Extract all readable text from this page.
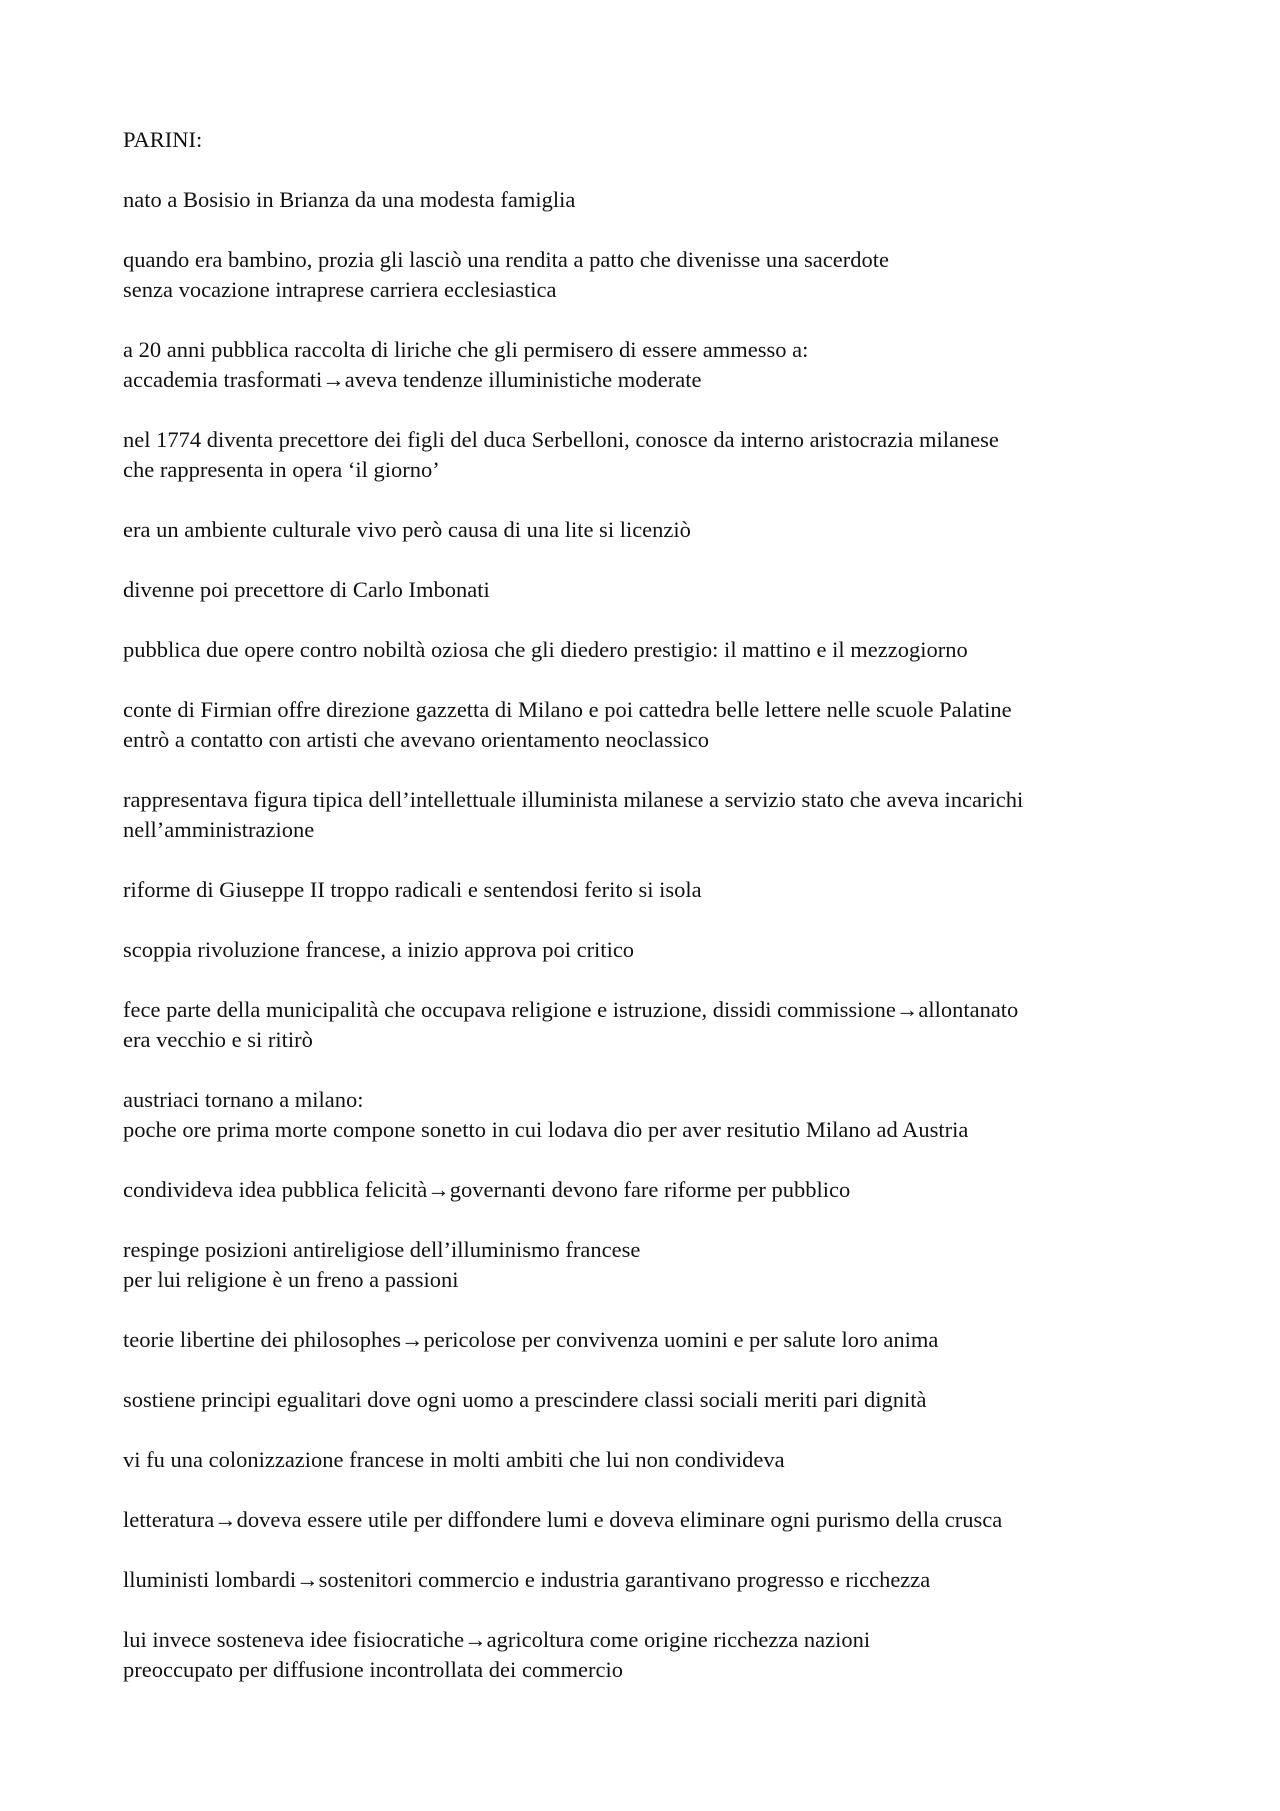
PARINI:
nato a Bosisio in Brianza da una modesta famiglia
quando era bambino, prozia gli lasciò una rendita a patto che divenisse una sacerdote
senza vocazione intraprese carriera ecclesiastica
a 20 anni pubblica raccolta di liriche che gli permisero di essere ammesso a:
accademia trasformati→aveva tendenze illuministiche moderate
nel 1774 diventa precettore dei figli del duca Serbelloni, conosce da interno aristocrazia milanese
che rappresenta in opera ‘il giorno’
era un ambiente culturale vivo però causa di una lite si licenziò
divenne poi precettore di Carlo Imbonati
pubblica due opere contro nobiltà oziosa che gli diedero prestigio: il mattino e il mezzogiorno
conte di Firmian offre direzione gazzetta di Milano e poi cattedra belle lettere nelle scuole Palatine
entrò a contatto con artisti che avevano orientamento neoclassico
rappresentava figura tipica dell’intellettuale illuminista milanese a servizio stato che aveva incarichi
nell’amministrazione
riforme di Giuseppe II troppo radicali e sentendosi ferito si isola
scoppia rivoluzione francese, a inizio approva poi critico
fece parte della municipalità che occupava religione e istruzione, dissidi commissione→allontanato
era vecchio e si ritirò
austriaci tornano a milano:
poche ore prima morte compone sonetto in cui lodava dio per aver resitutio Milano ad Austria
condivideva idea pubblica felicità→governanti devono fare riforme per pubblico
respinge posizioni antireligiose dell’illuminismo francese
per lui religione è un freno a passioni
teorie libertine dei philosophes→pericolose per convivenza uomini e per salute loro anima
sostiene principi egualitari dove ogni uomo a prescindere classi sociali meriti pari dignità
vi fu una colonizzazione francese in molti ambiti che lui non condivideva
letteratura→doveva essere utile per diffondere lumi e doveva eliminare ogni purismo della crusca
lluministi lombardi→sostenitori commercio e industria garantivano progresso e ricchezza
lui invece sosteneva idee fisiocratiche→agricoltura come origine ricchezza nazioni
preoccupato per diffusione incontrollata dei commercio
